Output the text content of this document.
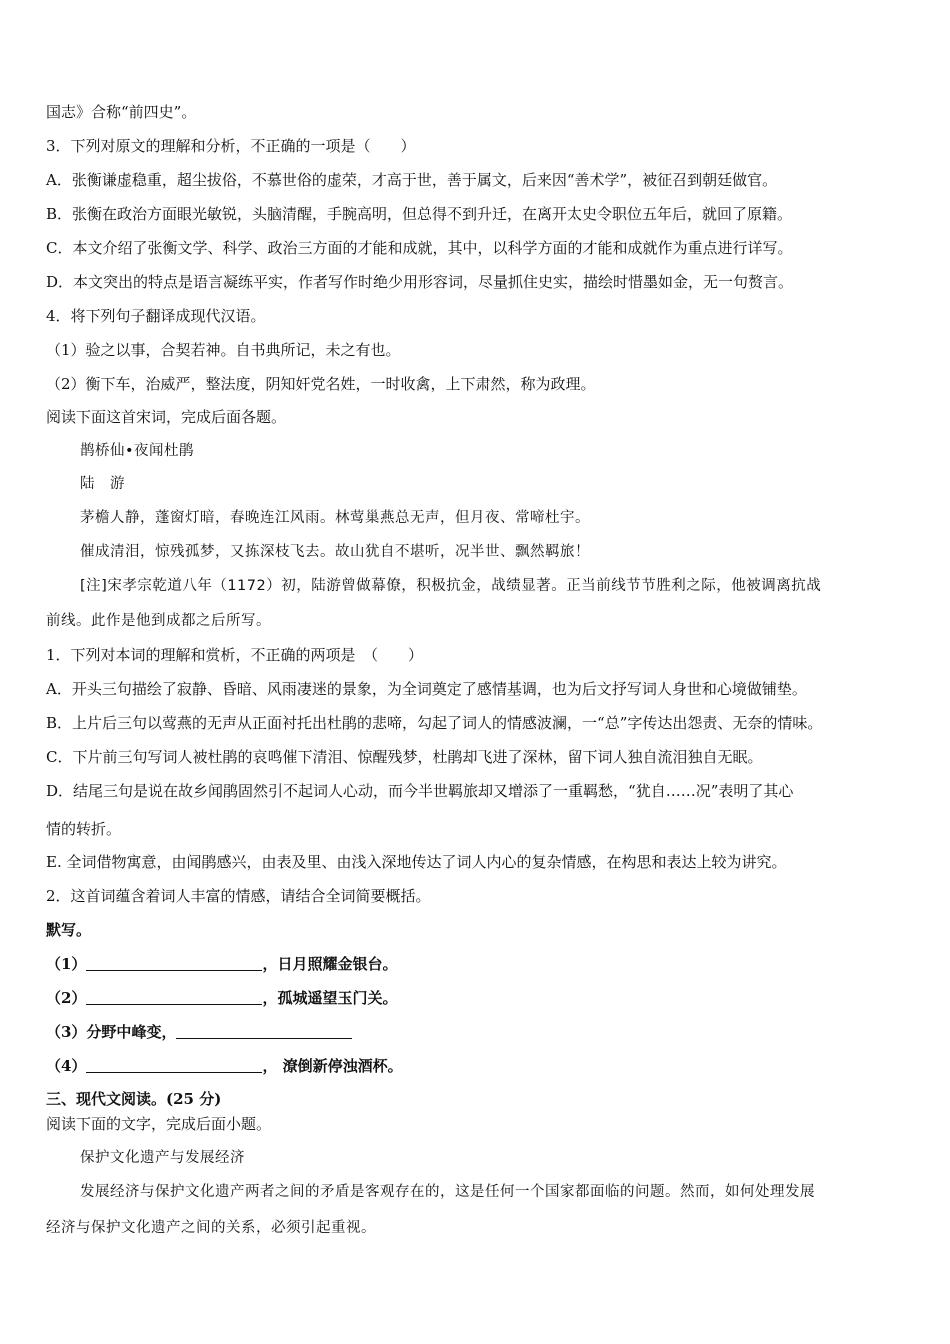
国志》合称“前四史”。
3．下列对原文的理解和分析，不正确的一项是（　　）
A．张衡谦虚稳重，超尘拔俗，不慕世俗的虚荣，才高于世，善于属文，后来因“善术学”，被征召到朝廷做官。
B．张衡在政治方面眼光敏锐，头脑清醒，手腕高明，但总得不到升迁，在离开太史令职位五年后，就回了原籍。
C．本文介绍了张衡文学、科学、政治三方面的才能和成就，其中，以科学方面的才能和成就作为重点进行详写。
D．本文突出的特点是语言凝练平实，作者写作时绝少用形容词，尽量抓住史实，描绘时惜墨如金，无一句赘言。
4．将下列句子翻译成现代汉语。
（1）验之以事，合契若神。自书典所记，未之有也。
（2）衡下车，治威严，整法度，阴知奸党名姓，一时收禽，上下肃然，称为政理。
阅读下面这首宋词，完成后面各题。
鹊桥仙•夜闻杜鹃
陆　游
茅檐人静，蓬窗灯暗，春晚连江风雨。林莺巢燕总无声，但月夜、常啼杜宇。
催成清泪，惊残孤梦，又拣深枝飞去。故山犹自不堪听，况半世、飘然羁旅！
[注]宋孝宗乾道八年（1172）初，陆游曾做幕僚，积极抗金，战绩显著。正当前线节节胜利之际，他被调离抗战
前线。此作是他到成都之后所写。
1．下列对本词的理解和赏析，不正确的两项是　（　　）
A．开头三句描绘了寂静、昏暗、风雨凄迷的景象，为全词奠定了感情基调，也为后文抒写词人身世和心境做铺垫。
B．上片后三句以莺燕的无声从正面衬托出杜鹃的悲啼，勾起了词人的情感波澜，一“总”字传达出怨责、无奈的情味。
C．下片前三句写词人被杜鹃的哀鸣催下清泪、惊醒残梦，杜鹃却飞进了深林，留下词人独自流泪独自无眠。
D．结尾三句是说在故乡闻鹃固然引不起词人心动，而今半世羁旅却又增添了一重羁愁，“犹自……况”表明了其心
情的转折。
E. 全词借物寓意，由闻鹃感兴，由表及里、由浅入深地传达了词人内心的复杂情感，在构思和表达上较为讲究。
2．这首词蕴含着词人丰富的情感，请结合全词简要概括。
默写。
（1）	，日月照耀金银台。
（2）	，孤城遥望玉门关。
（3）分野中峰变，
（4）	， 潦倒新停浊酒杯。
三、现代文阅读。(25 分)
阅读下面的文字，完成后面小题。
保护文化遗产与发展经济
发展经济与保护文化遗产两者之间的矛盾是客观存在的，这是任何一个国家都面临的问题。然而，如何处理发展
经济与保护文化遗产之间的关系，必须引起重视。
